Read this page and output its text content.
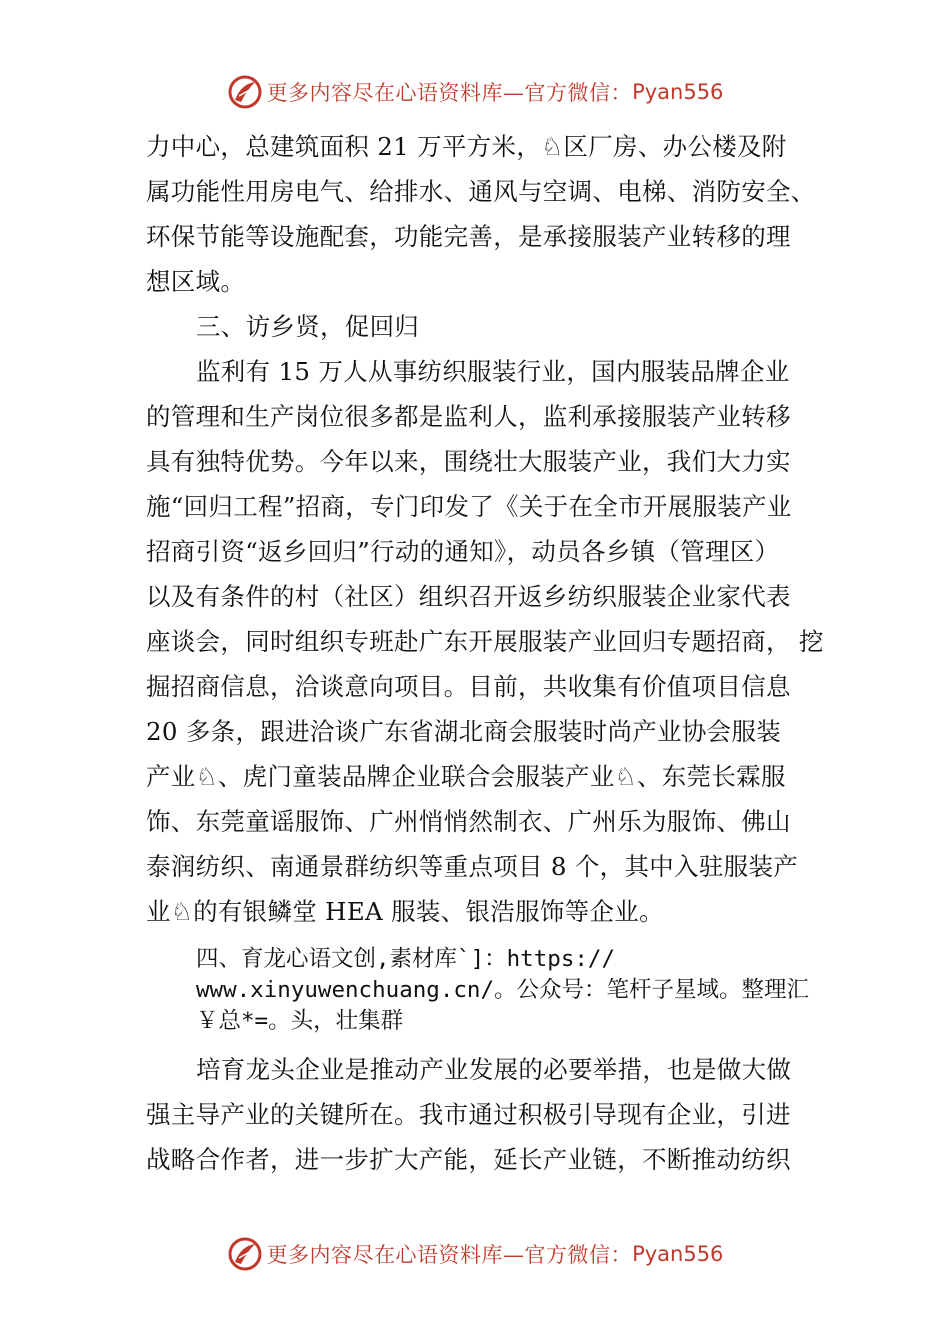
更多内容尽在心语资料库—官方微信： Pyan556
力中心，总建筑面积 21 万平方米，♘区厂房、办公楼及附
属功能性用房电气、给排水、通风与空调、电梯、消防安全、
环保节能等设施配套，功能完善，是承接服装产业转移的理
想区域。
三、访乡贤，促回归
监利有 15 万人从事纺织服装行业，国内服装品牌企业
的管理和生产岗位很多都是监利人，监利承接服装产业转移
具有独特优势。今年以来，围绕壮大服装产业，我们大力实
施“回归工程”招商，专门印发了《关于在全市开展服装产业
招商引资“返乡回归”行动的通知》，动员各乡镇（管理区）
以及有条件的村（社区）组织召开返乡纺织服装企业家代表
座谈会，同时组织专班赴广东开展服装产业回归专题招商， 挖
掘招商信息，洽谈意向项目。目前，共收集有价值项目信息
20 多条，跟进洽谈广东省湖北商会服装时尚产业协会服装
产业♘、虎门童装品牌企业联合会服装产业♘、东莞长霖服
饰、东莞童谣服饰、广州悄悄然制衣、广州乐为服饰、佛山
泰润纺织、南通景群纺织等重点项目 8 个，其中入驻服装产
业♘的有银鳞堂 HEA 服装、银浩服饰等企业。
四、育龙心语文创,素材库`]：https://
www.xinyuwenchuang.cn/。公众号：笔杆子星域。整理汇
￥总*=。头，壮集群
培育龙头企业是推动产业发展的必要举措，也是做大做
强主导产业的关键所在。我市通过积极引导现有企业，引进
战略合作者，进一步扩大产能，延长产业链，不断推动纺织
更多内容尽在心语资料库—官方微信： Pyan556
